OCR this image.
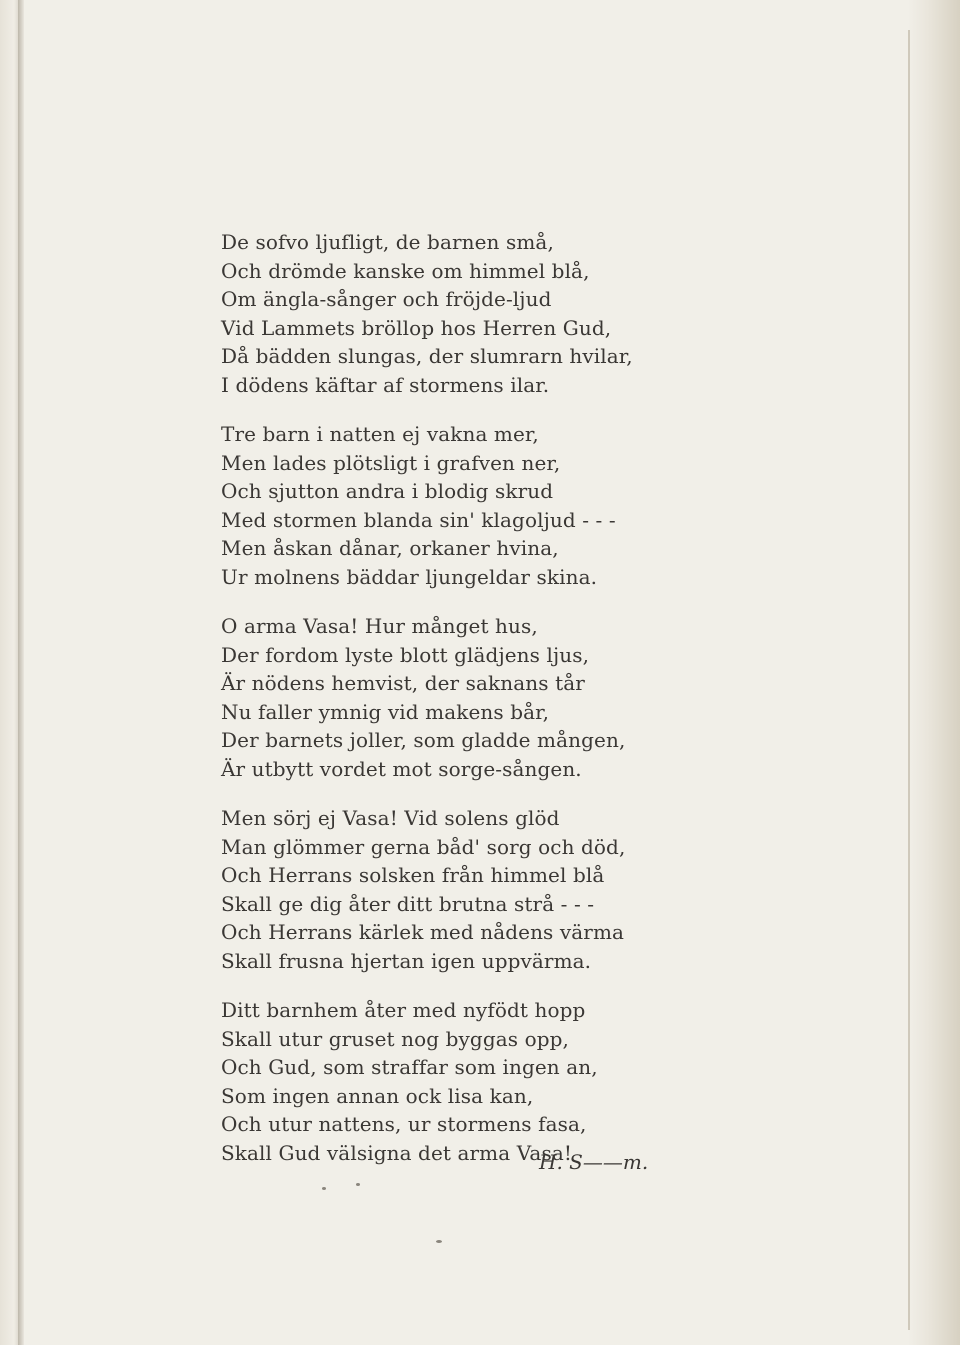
De sofvo ljufligt, de barnen små,
Och drömde kanske om himmel blå,
Om ängla-sånger och fröjde-ljud
Vid Lammets bröllop hos Herren Gud,
Då bädden slungas, der slumrarn hvilar,
I dödens käftar af stormens ilar.
Tre barn i natten ej vakna mer,
Men lades plötsligt i grafven ner,
Och sjutton andra i blodig skrud
Med stormen blanda sin' klagoljud - - -
Men åskan dånar, orkaner hvina,
Ur molnens bäddar ljungeldar skina.
O arma Vasa! Hur månget hus,
Der fordom lyste blott glädjens ljus,
Är nödens hemvist, der saknans tår
Nu faller ymnig vid makens bår,
Der barnets joller, som gladde mången,
Är utbytt vordet mot sorge-sången.
Men sörj ej Vasa! Vid solens glöd
Man glömmer gerna båd' sorg och död,
Och Herrans solsken från himmel blå
Skall ge dig åter ditt brutna strå - - -
Och Herrans kärlek med nådens värma
Skall frusna hjertan igen uppvärma.
Ditt barnhem åter med nyfödt hopp
Skall utur gruset nog byggas opp,
Och Gud, som straffar som ingen an,
Som ingen annan ock lisa kan,
Och utur nattens, ur stormens fasa,
Skall Gud välsigna det arma Vasa!
H. S——m.
